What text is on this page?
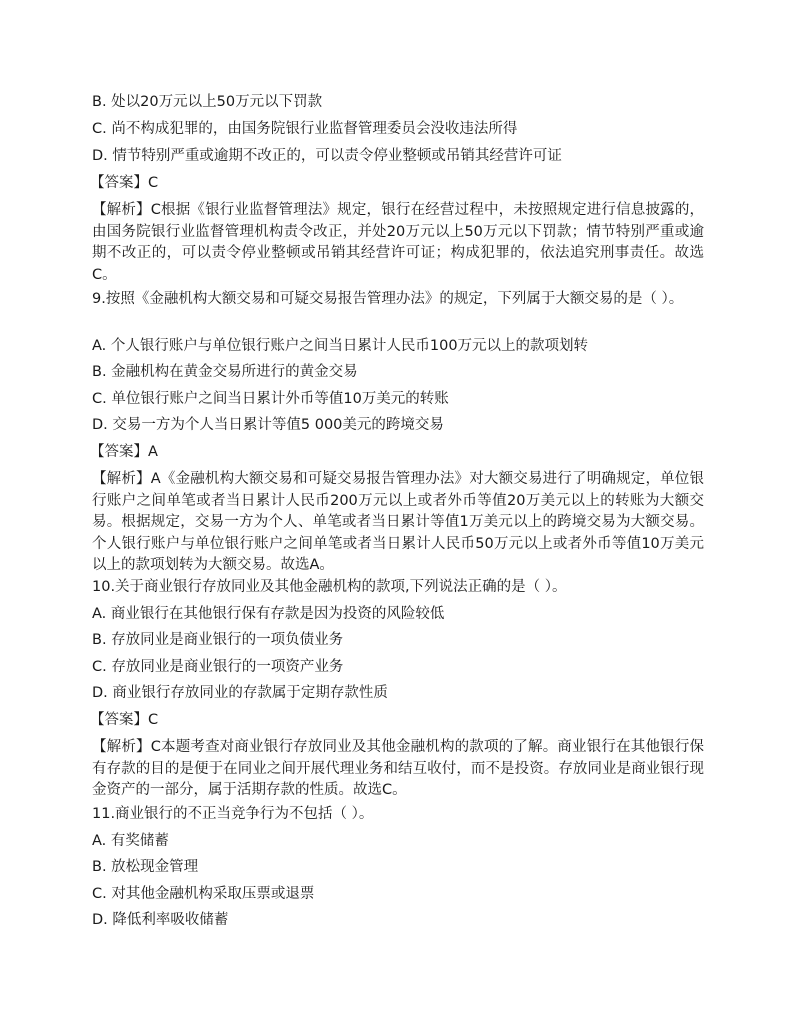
B. 处以20万元以上50万元以下罚款
C. 尚不构成犯罪的，由国务院银行业监督管理委员会没收违法所得
D. 情节特别严重或逾期不改正的，可以责令停业整顿或吊销其经营许可证
【答案】C
【解析】C根据《银行业监督管理法》规定，银行在经营过程中，未按照规定进行信息披露的，由国务院银行业监督管理机构责令改正，并处20万元以上50万元以下罚款；情节特别严重或逾期不改正的，可以责令停业整顿或吊销其经营许可证；构成犯罪的，依法追究刑事责任。故选C。
9.按照《金融机构大额交易和可疑交易报告管理办法》的规定，下列属于大额交易的是（ ）。
A. 个人银行账户与单位银行账户之间当日累计人民币100万元以上的款项划转
B. 金融机构在黄金交易所进行的黄金交易
C. 单位银行账户之间当日累计外币等值10万美元的转账
D. 交易一方为个人当日累计等值5 000美元的跨境交易
【答案】A
【解析】A《金融机构大额交易和可疑交易报告管理办法》对大额交易进行了明确规定，单位银行账户之间单笔或者当日累计人民币200万元以上或者外币等值20万美元以上的转账为大额交易。根据规定，交易一方为个人、单笔或者当日累计等值1万美元以上的跨境交易为大额交易。个人银行账户与单位银行账户之间单笔或者当日累计人民币50万元以上或者外币等值10万美元以上的款项划转为大额交易。故选A。
10.关于商业银行存放同业及其他金融机构的款项,下列说法正确的是（ ）。
A. 商业银行在其他银行保有存款是因为投资的风险较低
B. 存放同业是商业银行的一项负债业务
C. 存放同业是商业银行的一项资产业务
D. 商业银行存放同业的存款属于定期存款性质
【答案】C
【解析】C本题考查对商业银行存放同业及其他金融机构的款项的了解。商业银行在其他银行保有存款的目的是便于在同业之间开展代理业务和结互收付，而不是投资。存放同业是商业银行现金资产的一部分，属于活期存款的性质。故选C。
11.商业银行的不正当竞争行为不包括（ ）。
A. 有奖储蓄
B. 放松现金管理
C. 对其他金融机构采取压票或退票
D. 降低利率吸收储蓄
